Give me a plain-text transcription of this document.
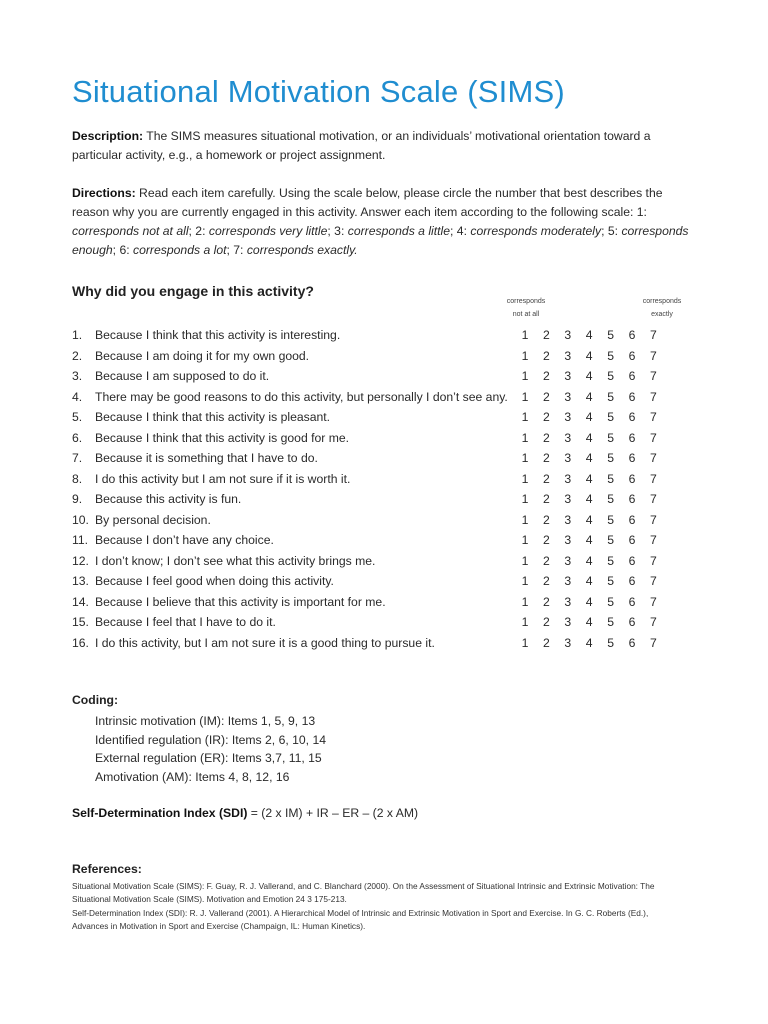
Situational Motivation Scale (SIMS)
Description: The SIMS measures situational motivation, or an individuals’ motivational orientation toward a particular activity, e.g., a homework or project assignment.
Directions: Read each item carefully. Using the scale below, please circle the number that best describes the reason why you are currently engaged in this activity. Answer each item according to the following scale: 1: corresponds not at all; 2: corresponds very little; 3: corresponds a little; 4: corresponds moderately; 5: corresponds enough; 6: corresponds a lot; 7: corresponds exactly.
Why did you engage in this activity?
corresponds
not at all
corresponds
exactly
1. Because I think that this activity is interesting.	1 2 3 4 5 6 7
2. Because I am doing it for my own good.	1 2 3 4 5 6 7
3. Because I am supposed to do it.	1 2 3 4 5 6 7
4. There may be good reasons to do this activity, but personally I don’t see any. 1 2 3 4 5 6 7
5. Because I think that this activity is pleasant.	1 2 3 4 5 6 7
6. Because I think that this activity is good for me.	1 2 3 4 5 6 7
7. Because it is something that I have to do.	1 2 3 4 5 6 7
8. I do this activity but I am not sure if it is worth it.	1 2 3 4 5 6 7
9. Because this activity is fun.	1 2 3 4 5 6 7
10. By personal decision.	1 2 3 4 5 6 7
11. Because I don’t have any choice.	1 2 3 4 5 6 7
12. I don’t know; I don’t see what this activity brings me.	1 2 3 4 5 6 7
13. Because I feel good when doing this activity.	1 2 3 4 5 6 7
14. Because I believe that this activity is important for me.	1 2 3 4 5 6 7
15. Because I feel that I have to do it.	1 2 3 4 5 6 7
16. I do this activity, but I am not sure it is a good thing to pursue it.	1 2 3 4 5 6 7
Coding:
Intrinsic motivation (IM): Items 1, 5, 9, 13
Identified regulation (IR): Items 2, 6, 10, 14
External regulation (ER): Items 3,7, 11, 15
Amotivation (AM): Items 4, 8, 12, 16
Self-Determination Index (SDI) = (2 x IM) + IR – ER – (2 x AM)
References:
Situational Motivation Scale (SIMS): F. Guay, R. J. Vallerand, and C. Blanchard (2000). On the Assessment of Situational Intrinsic and Extrinsic Motivation: The
Situational Motivation Scale (SIMS). Motivation and Emotion 24 3 175-213.
Self-Determination Index (SDI): R. J. Vallerand (2001). A Hierarchical Model of Intrinsic and Extrinsic Motivation in Sport and Exercise. In G. C. Roberts (Ed.),
Advances in Motivation in Sport and Exercise (Champaign, IL: Human Kinetics).
